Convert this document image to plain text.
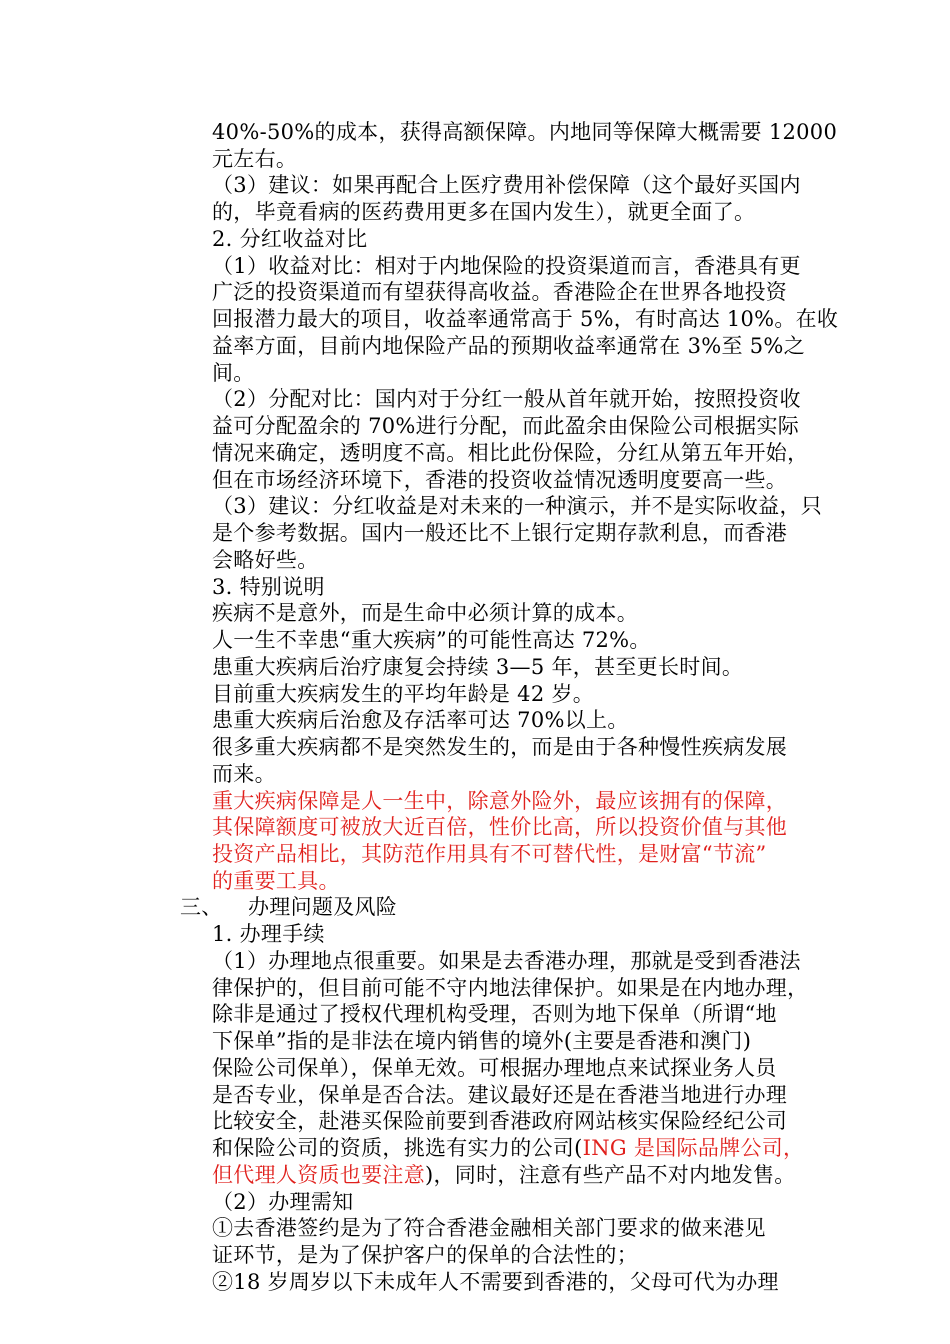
40%-50%的成本，获得高额保障。内地同等保障大概需要 12000
元左右。
（3）建议：如果再配合上医疗费用补偿保障（这个最好买国内
的，毕竟看病的医药费用更多在国内发生），就更全面了。
2. 分红收益对比
（1）收益对比：相对于内地保险的投资渠道而言，香港具有更
广泛的投资渠道而有望获得高收益。香港险企在世界各地投资
回报潜力最大的项目，收益率通常高于 5%，有时高达 10%。在收
益率方面，目前内地保险产品的预期收益率通常在 3%至 5%之
间。
（2）分配对比：国内对于分红一般从首年就开始，按照投资收
益可分配盈余的 70%进行分配，而此盈余由保险公司根据实际
情况来确定，透明度不高。相比此份保险，分红从第五年开始，
但在市场经济环境下，香港的投资收益情况透明度要高一些。
（3）建议：分红收益是对未来的一种演示，并不是实际收益，只
是个参考数据。国内一般还比不上银行定期存款利息，而香港
会略好些。
3. 特别说明
疾病不是意外，而是生命中必须计算的成本。
人一生不幸患“重大疾病”的可能性高达 72%。
患重大疾病后治疗康复会持续 3—5 年，甚至更长时间。
目前重大疾病发生的平均年龄是 42 岁。
患重大疾病后治愈及存活率可达 70%以上。
很多重大疾病都不是突然发生的，而是由于各种慢性疾病发展
而来。
重大疾病保障是人一生中，除意外险外，最应该拥有的保障，
其保障额度可被放大近百倍，性价比高，所以投资价值与其他
投资产品相比，其防范作用具有不可替代性，是财富“节流”
的重要工具。
三、 办理问题及风险
1. 办理手续
（1）办理地点很重要。如果是去香港办理，那就是受到香港法
律保护的，但目前可能不守内地法律保护。如果是在内地办理，
除非是通过了授权代理机构受理，否则为地下保单（所谓“地
下保单”指的是非法在境内销售的境外(主要是香港和澳门)
保险公司保单），保单无效。可根据办理地点来试探业务人员
是否专业，保单是否合法。建议最好还是在香港当地进行办理
比较安全，赴港买保险前要到香港政府网站核实保险经纪公司
和保险公司的资质，挑选有实力的公司(ING 是国际品牌公司，
但代理人资质也要注意)，同时，注意有些产品不对内地发售。
（2）办理需知
①去香港签约是为了符合香港金融相关部门要求的做来港见
证环节，是为了保护客户的保单的合法性的；
②18 岁周岁以下未成年人不需要到香港的，父母可代为办理
